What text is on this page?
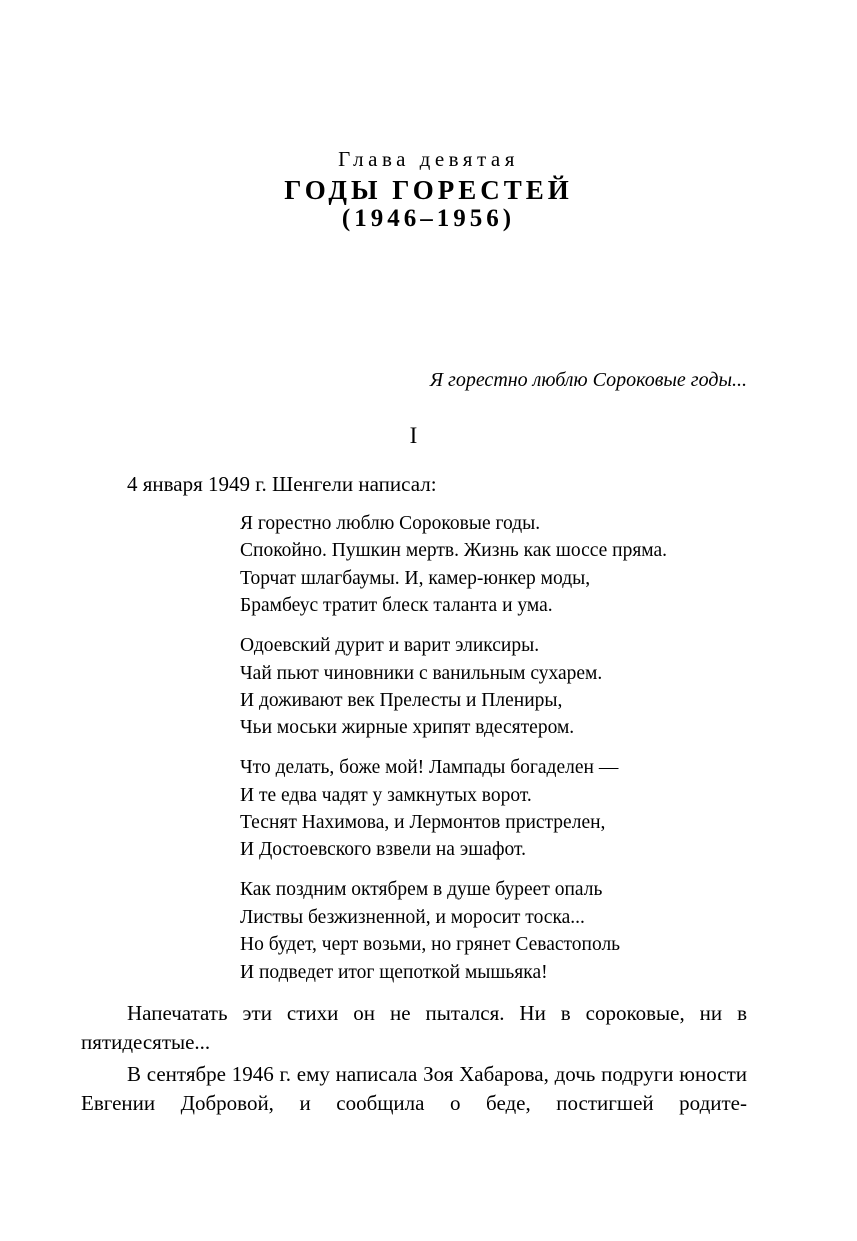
Глава девятая
ГОДЫ ГОРЕСТЕЙ
(1946–1956)
Я горестно люблю Сороковые годы...
I
4 января 1949 г. Шенгели написал:
Я горестно люблю Сороковые годы.
Спокойно. Пушкин мертв. Жизнь как шоссе пряма.
Торчат шлагбаумы. И, камер-юнкер моды,
Брамбеус тратит блеск таланта и ума.
Одоевский дурит и варит эликсиры.
Чай пьют чиновники с ванильным сухарем.
И доживают век Прелесты и Плениры,
Чьи моськи жирные хрипят вдесятером.
Что делать, боже мой! Лампады богаделен —
И те едва чадят у замкнутых ворот.
Теснят Нахимова, и Лермонтов пристрелен,
И Достоевского взвели на эшафот.
Как поздним октябрем в душе буреет опаль
Листвы безжизненной, и моросит тоска...
Но будет, черт возьми, но грянет Севастополь
И подведет итог щепоткой мышьяка!

Напечатать эти стихи он не пытался. Ни в сороковые, ни в пятидесятые...

В сентябре 1946 г. ему написала Зоя Хабарова, дочь подруги юности Евгении Добровой, и сообщила о беде, постигшей родите-
